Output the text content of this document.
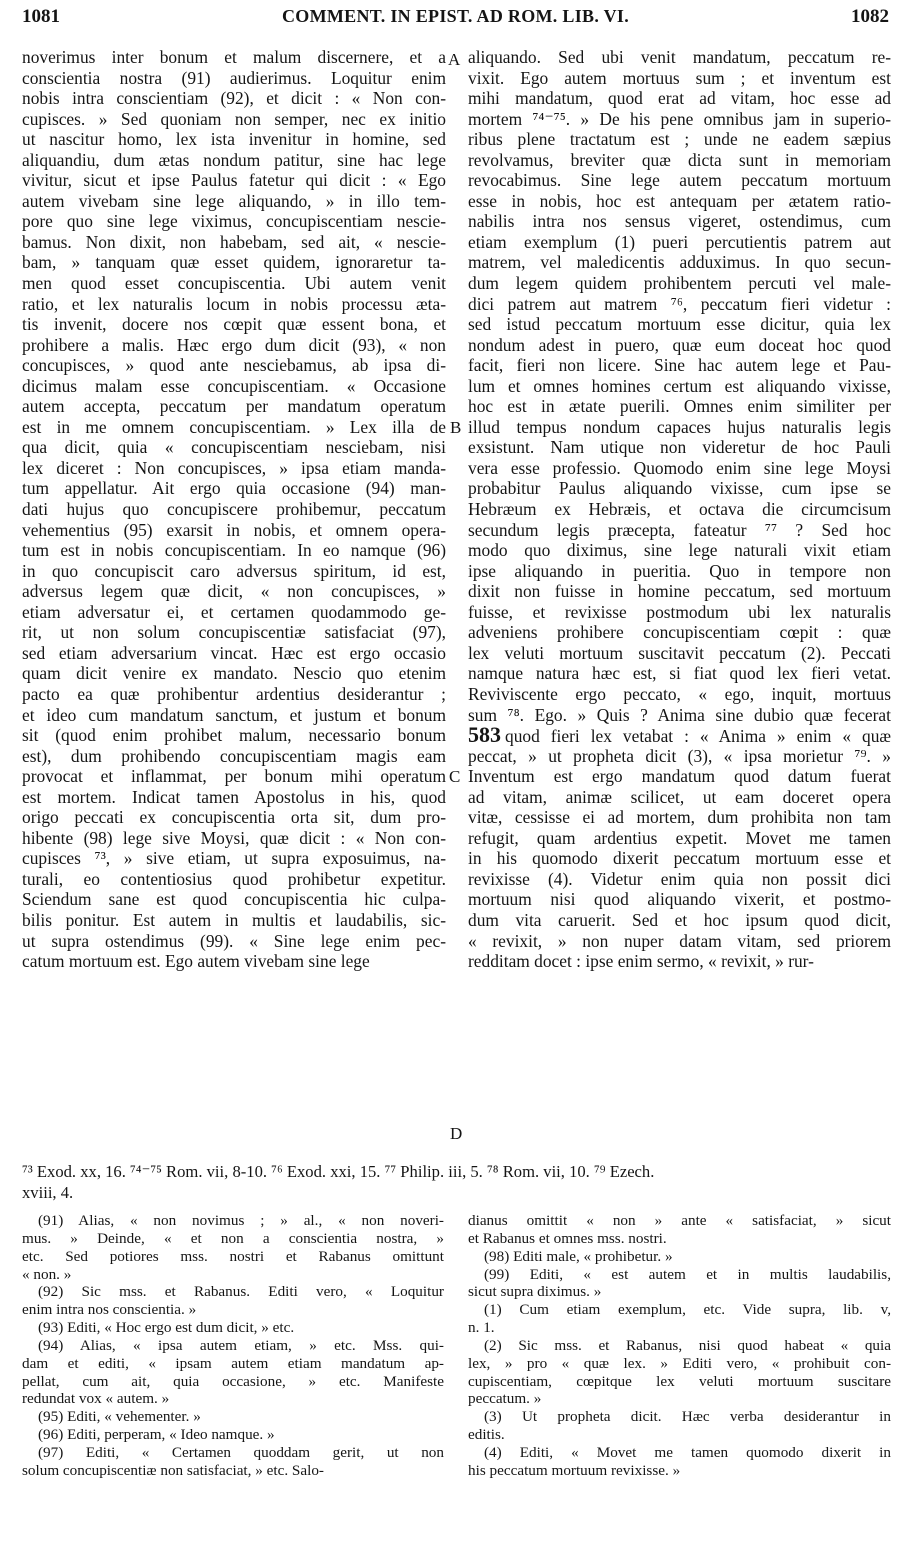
1081	COMMENT. IN EPIST. AD ROM. LIB. VI.	1082
noverimus inter bonum et malum discernere, et a
conscientia nostra (91) audierimus. Loquitur enim
nobis intra conscientiam (92), et dicit : « Non con-
cupisces. » Sed quoniam non semper, nec ex initio
ut nascitur homo, lex ista invenitur in homine, sed
aliquandiu, dum ætas nondum patitur, sine hac lege
vivitur, sicut et ipse Paulus fatetur qui dicit : « Ego
autem vivebam sine lege aliquando, » in illo tem-
pore quo sine lege viximus, concupiscentiam nescie-
bamus. Non dixit, non habebam, sed ait, « nescie-
bam, » tanquam quæ esset quidem, ignoraretur ta-
men quod esset concupiscentia. Ubi autem venit
ratio, et lex naturalis locum in nobis processu æta-
tis invenit, docere nos cœpit quæ essent bona, et
prohibere a malis. Hæc ergo dum dicit (93), « non
concupisces, » quod ante nesciebamus, ab ipsa di-
dicimus malam esse concupiscentiam. « Occasione
autem accepta, peccatum per mandatum operatum
est in me omnem concupiscentiam. » Lex illa de
qua dicit, quia « concupiscentiam nesciebam, nisi
lex diceret : Non concupisces, » ipsa etiam manda-
tum appellatur. Ait ergo quia occasione (94) man-
dati hujus quo concupiscere prohibemur, peccatum
vehementius (95) exarsit in nobis, et omnem opera-
tum est in nobis concupiscentiam. In eo namque (96)
in quo concupiscit caro adversus spiritum, id est,
adversus legem quæ dicit, « non concupisces, »
etiam adversatur ei, et certamen quodammodo ge-
rit, ut non solum concupiscentiæ satisfaciat (97),
sed etiam adversarium vincat. Hæc est ergo occasio
quam dicit venire ex mandato. Nescio quo etenim
pacto ea quæ prohibentur ardentius desiderantur ;
et ideo cum mandatum sanctum, et justum et bonum
sit (quod enim prohibet malum, necessario bonum
est), dum prohibendo concupiscentiam magis eam
provocat et inflammat, per bonum mihi operatum
est mortem. Indicat tamen Apostolus in his, quod
origo peccati ex concupiscentia orta sit, dum pro-
hibente (98) lege sive Moysi, quæ dicit : « Non con-
cupisces ⁷³, » sive etiam, ut supra exposuimus, na-
turali, eo contentiosius quod prohibetur expetitur.
Sciendum sane est quod concupiscentia hic culpa-
bilis ponitur. Est autem in multis et laudabilis, sic-
ut supra ostendimus (99). « Sine lege enim pec-
catum mortuum est. Ego autem vivebam sine lege
aliquando. Sed ubi venit mandatum, peccatum re-
vixit. Ego autem mortuus sum ; et inventum est
mihi mandatum, quod erat ad vitam, hoc esse ad
mortem ⁷⁴⁻⁷⁵. » De his pene omnibus jam in superio-
ribus plene tractatum est ; unde ne eadem sæpius
revolvamus, breviter quæ dicta sunt in memoriam
revocabimus. Sine lege autem peccatum mortuum
esse in nobis, hoc est antequam per ætatem ratio-
nabilis intra nos sensus vigeret, ostendimus, cum
etiam exemplum (1) pueri percutientis patrem aut
matrem, vel maledicentis adduximus. In quo secun-
dum legem quidem prohibentem percuti vel male-
dici patrem aut matrem ⁷⁶, peccatum fieri videtur :
sed istud peccatum mortuum esse dicitur, quia lex
nondum adest in puero, quæ eum doceat hoc quod
facit, fieri non licere. Sine hac autem lege et Pau-
lum et omnes homines certum est aliquando vixisse,
hoc est in ætate puerili. Omnes enim similiter per
illud tempus nondum capaces hujus naturalis legis
exsistunt. Nam utique non videretur de hoc Pauli
vera esse professio. Quomodo enim sine lege Moysi
probabitur Paulus aliquando vixisse, cum ipse se
Hebræum ex Hebræis, et octava die circumcisum
secundum legis præcepta, fateatur ⁷⁷ ? Sed hoc
modo quo diximus, sine lege naturali vixit etiam
ipse aliquando in pueritia. Quo in tempore non
dixit non fuisse in homine peccatum, sed mortuum
fuisse, et revixisse postmodum ubi lex naturalis
adveniens prohibere concupiscentiam cœpit : quæ
lex veluti mortuum suscitavit peccatum (2). Peccati
namque natura hæc est, si fiat quod lex fieri vetat.
Reviviscente ergo peccato, « ego, inquit, mortuus
sum ⁷⁸. Ego. » Quis ? Anima sine dubio quæ fecerat
583 quod fieri lex vetabat : « Anima » enim « quæ
peccat, » ut propheta dicit (3), « ipsa morietur ⁷⁹. »
Inventum est ergo mandatum quod datum fuerat
ad vitam, animæ scilicet, ut eam doceret opera
vitæ, cessisse ei ad mortem, dum prohibita non tam
refugit, quam ardentius expetit. Movet me tamen
in his quomodo dixerit peccatum mortuum esse et
revixisse (4). Videtur enim quia non possit dici
mortuum nisi quod aliquando vixerit, et postmo-
dum vita caruerit. Sed et hoc ipsum quod dicit,
« revixit, » non nuper datam vitam, sed priorem
redditam docet : ipse enim sermo, « revixit, » rur-
A
B
C
D
⁷³ Exod. xx, 16. ⁷⁴⁻⁷⁵ Rom. vii, 8-10. ⁷⁶ Exod. xxi, 15. ⁷⁷ Philip. iii, 5. ⁷⁸ Rom. vii, 10. ⁷⁹ Ezech.
xviii, 4.
(91) Alias, « non novimus ; » al., « non noveri-
mus. » Deinde, « et non a conscientia nostra, »
etc. Sed potiores mss. nostri et Rabanus omittunt
« non. »
(92) Sic mss. et Rabanus. Editi vero, « Loquitur
enim intra nos conscientia. »
(93) Editi, « Hoc ergo est dum dicit, » etc.
(94) Alias, « ipsa autem etiam, » etc. Mss. qui-
dam et editi, « ipsam autem etiam mandatum ap-
pellat, cum ait, quia occasione, » etc. Manifeste
redundat vox « autem. »
(95) Editi, « vehementer. »
(96) Editi, perperam, « Ideo namque. »
(97) Editi, « Certamen quoddam gerit, ut non
solum concupiscentiæ non satisfaciat, » etc. Salo-
dianus omittit « non » ante « satisfaciat, » sicut
et Rabanus et omnes mss. nostri.
(98) Editi male, « prohibetur. »
(99) Editi, « est autem et in multis laudabilis,
sicut supra diximus. »
(1) Cum etiam exemplum, etc. Vide supra, lib. v,
n. 1.
(2) Sic mss. et Rabanus, nisi quod habeat « quia
lex, » pro « quæ lex. » Editi vero, « prohibuit con-
cupiscentiam, cœpitque lex veluti mortuum suscitare
peccatum. »
(3) Ut propheta dicit. Hæc verba desiderantur in
editis.
(4) Editi, « Movet me tamen quomodo dixerit in
his peccatum mortuum revixisse. »
